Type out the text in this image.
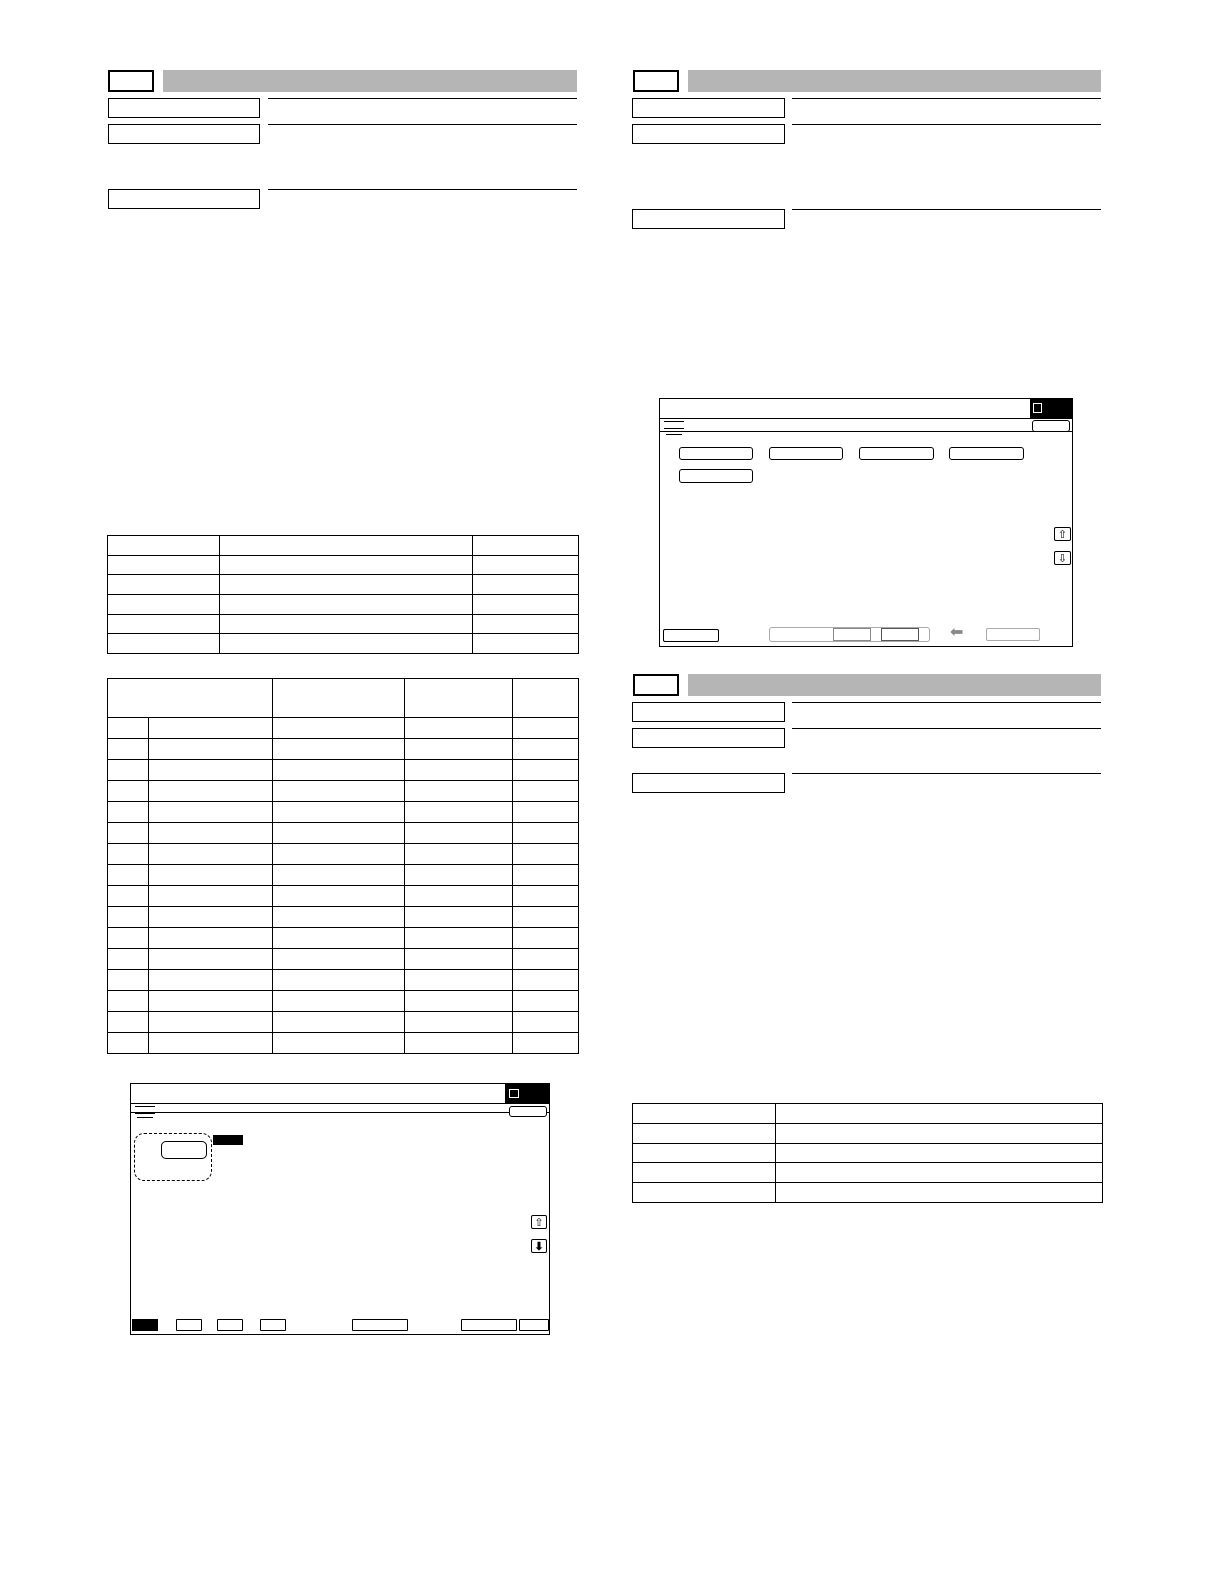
⇧
⬇
⇧
⇩
⬅
